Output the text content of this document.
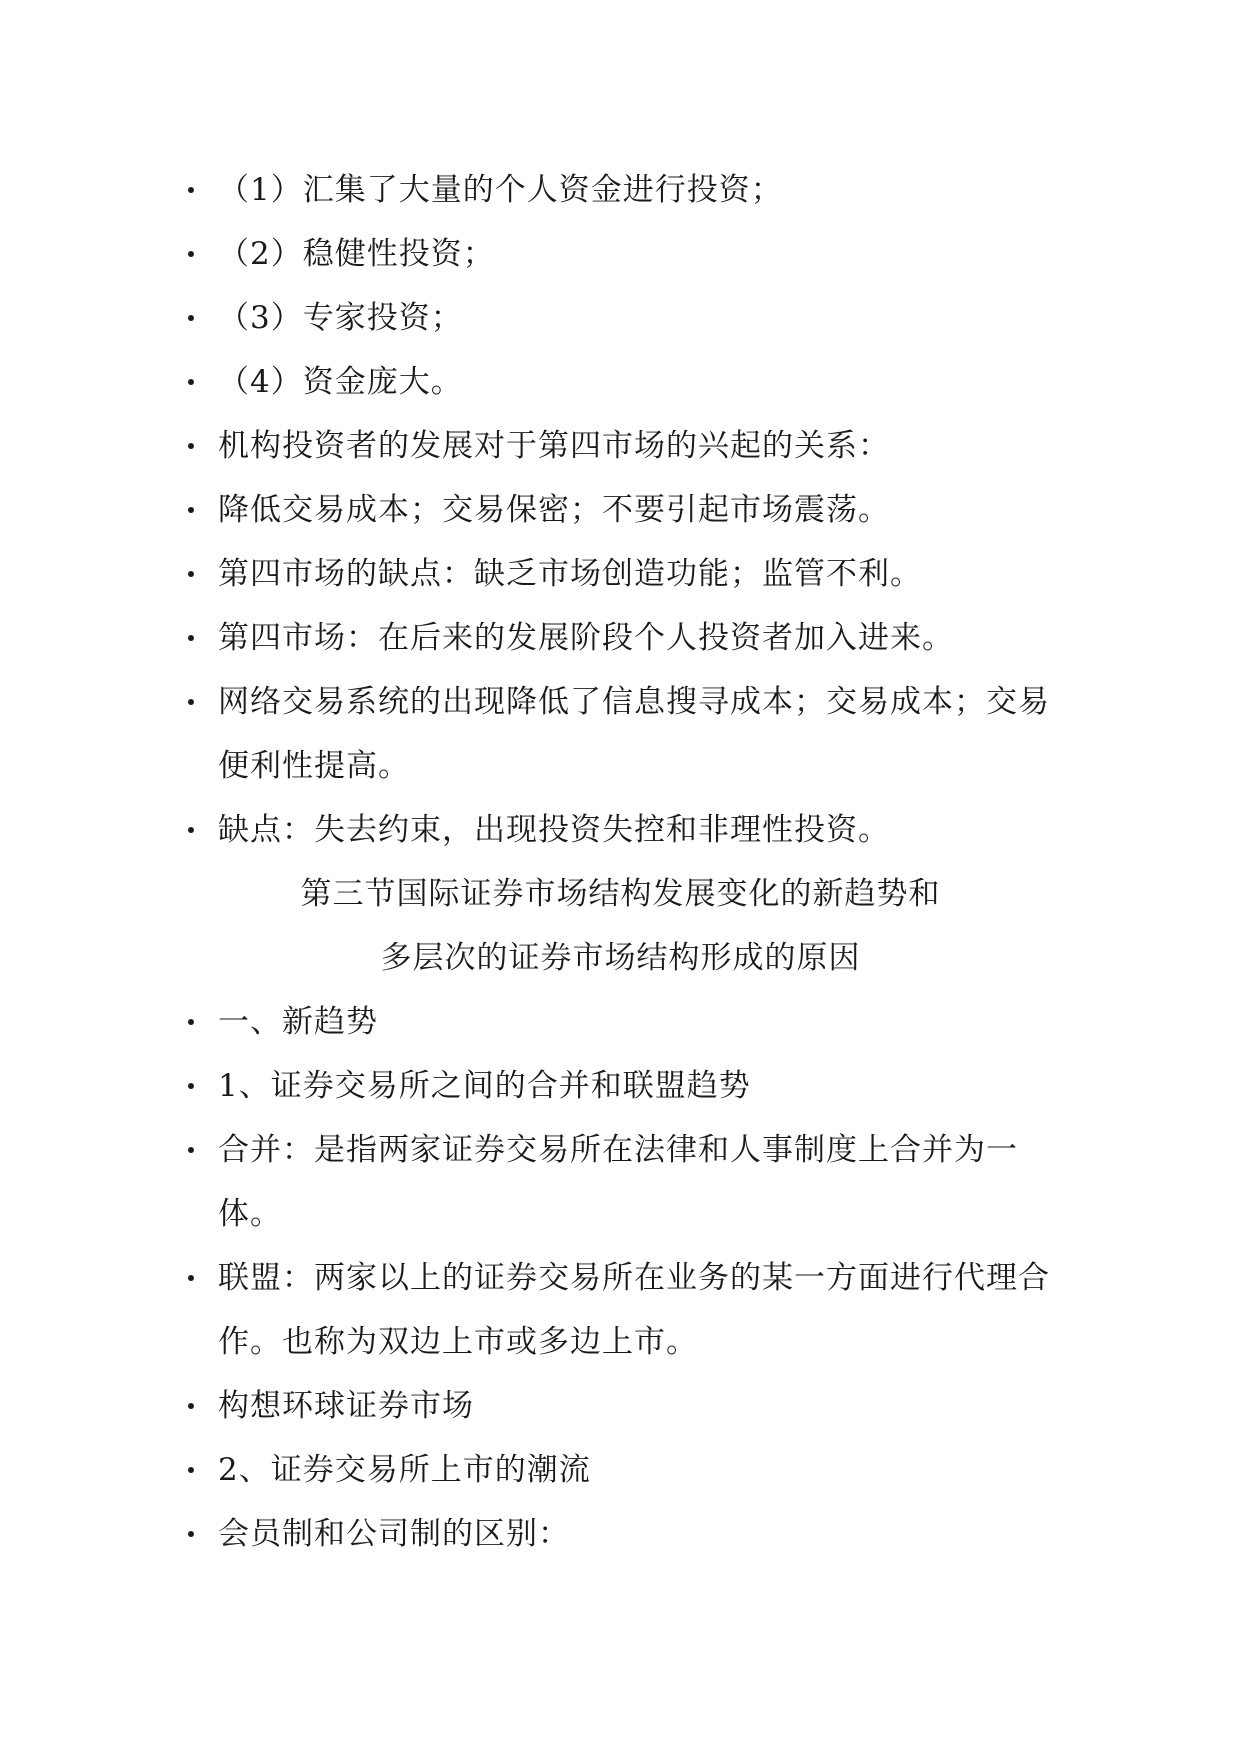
（1）汇集了大量的个人资金进行投资；
（2）稳健性投资；
（3）专家投资；
（4）资金庞大。
机构投资者的发展对于第四市场的兴起的关系：
降低交易成本；交易保密；不要引起市场震荡。
第四市场的缺点：缺乏市场创造功能；监管不利。
第四市场：在后来的发展阶段个人投资者加入进来。
网络交易系统的出现降低了信息搜寻成本；交易成本；交易便利性提高。
缺点：失去约束，出现投资失控和非理性投资。
第三节国际证券市场结构发展变化的新趋势和
多层次的证券市场结构形成的原因
一、新趋势
1、证券交易所之间的合并和联盟趋势
合并：是指两家证券交易所在法律和人事制度上合并为一体。
联盟：两家以上的证券交易所在业务的某一方面进行代理合作。也称为双边上市或多边上市。
构想环球证券市场
2、证券交易所上市的潮流
会员制和公司制的区别：
